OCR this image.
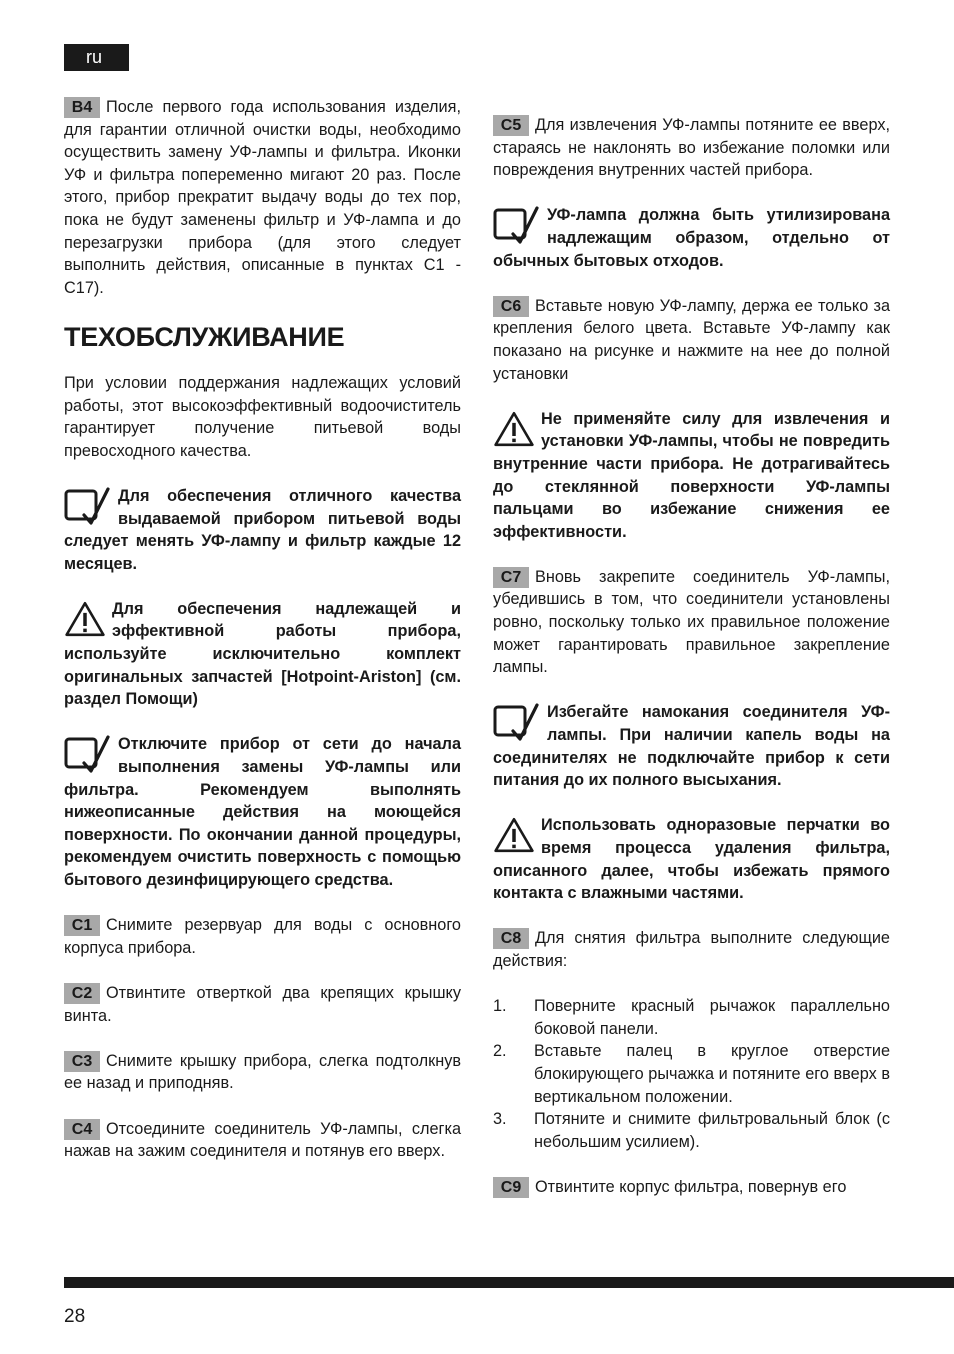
ru

B4 После первого года использования изделия, для гарантии отличной очистки воды, необходимо осуществить замену УФ-лампы и фильтра. Иконки УФ и фильтра попеременно мигают 20 раз. После этого, прибор прекратит выдачу воды до тех пор, пока не будут заменены фильтр и УФ-лампа и до перезагрузки прибора (для этого следует выполнить действия, описанные в пунктах C1 - C17).

ТЕХОБСЛУЖИВАНИЕ

При условии поддержания надлежащих условий работы, этот высокоэффективный водоочиститель гарантирует получение питьевой воды превосходного качества.

Для обеспечения отличного качества выдаваемой прибором питьевой воды следует менять УФ-лампу и фильтр каждые 12 месяцев.

Для обеспечения надлежащей и эффективной работы прибора, используйте исключительно комплект оригинальных запчастей [Hotpoint-Ariston] (см. раздел Помощи)

Отключите прибор от сети до начала выполнения замены УФ-лампы или фильтра. Рекомендуем выполнять нижеописанные действия на моющейся поверхности. По окончании данной процедуры, рекомендуем очистить поверхность с помощью бытового дезинфицирующего средства.

C1 Снимите резервуар для воды с основного корпуса прибора.

C2 Отвинтите отверткой два крепящих крышку винта.

C3 Снимите крышку прибора, слегка подтолкнув ее назад и приподняв.

C4 Отсоедините соединитель УФ-лампы, слегка нажав на зажим соединителя и потянув его вверх.

C5 Для извлечения УФ-лампы потяните ее вверх, стараясь не наклонять во избежание поломки или повреждения внутренних частей прибора.

УФ-лампа должна быть утилизирована надлежащим образом, отдельно от обычных бытовых отходов.

C6 Вставьте новую УФ-лампу, держа ее только за крепления белого цвета. Вставьте УФ-лампу как показано на рисунке и нажмите на нее до полной установки

Не применяйте силу для извлечения и установки УФ-лампы, чтобы не повредить внутренние части прибора. Не дотрагивайтесь до стеклянной поверхности УФ-лампы пальцами во избежание снижения ее эффективности.

C7 Вновь закрепите соединитель УФ-лампы, убедившись в том, что соединители установлены ровно, поскольку только их правильное положение может гарантировать правильное закрепление лампы.

Избегайте намокания соединителя УФ-лампы. При наличии капель воды на соединителях не подключайте прибор к сети питания до их полного высыхания.

Использовать одноразовые перчатки во время процесса удаления фильтра, описанного далее, чтобы избежать прямого контакта с влажными частями.

C8 Для снятия фильтра выполните следующие действия:

1.	Поверните красный рычажок параллельно боковой панели.
2.	Вставьте палец в круглое отверстие блокирующего рычажка и потяните его вверх в вертикальном положении.
3.	Потяните и снимите фильтровальный блок (с небольшим усилием).

C9 Отвинтите корпус фильтра, повернув его

28
